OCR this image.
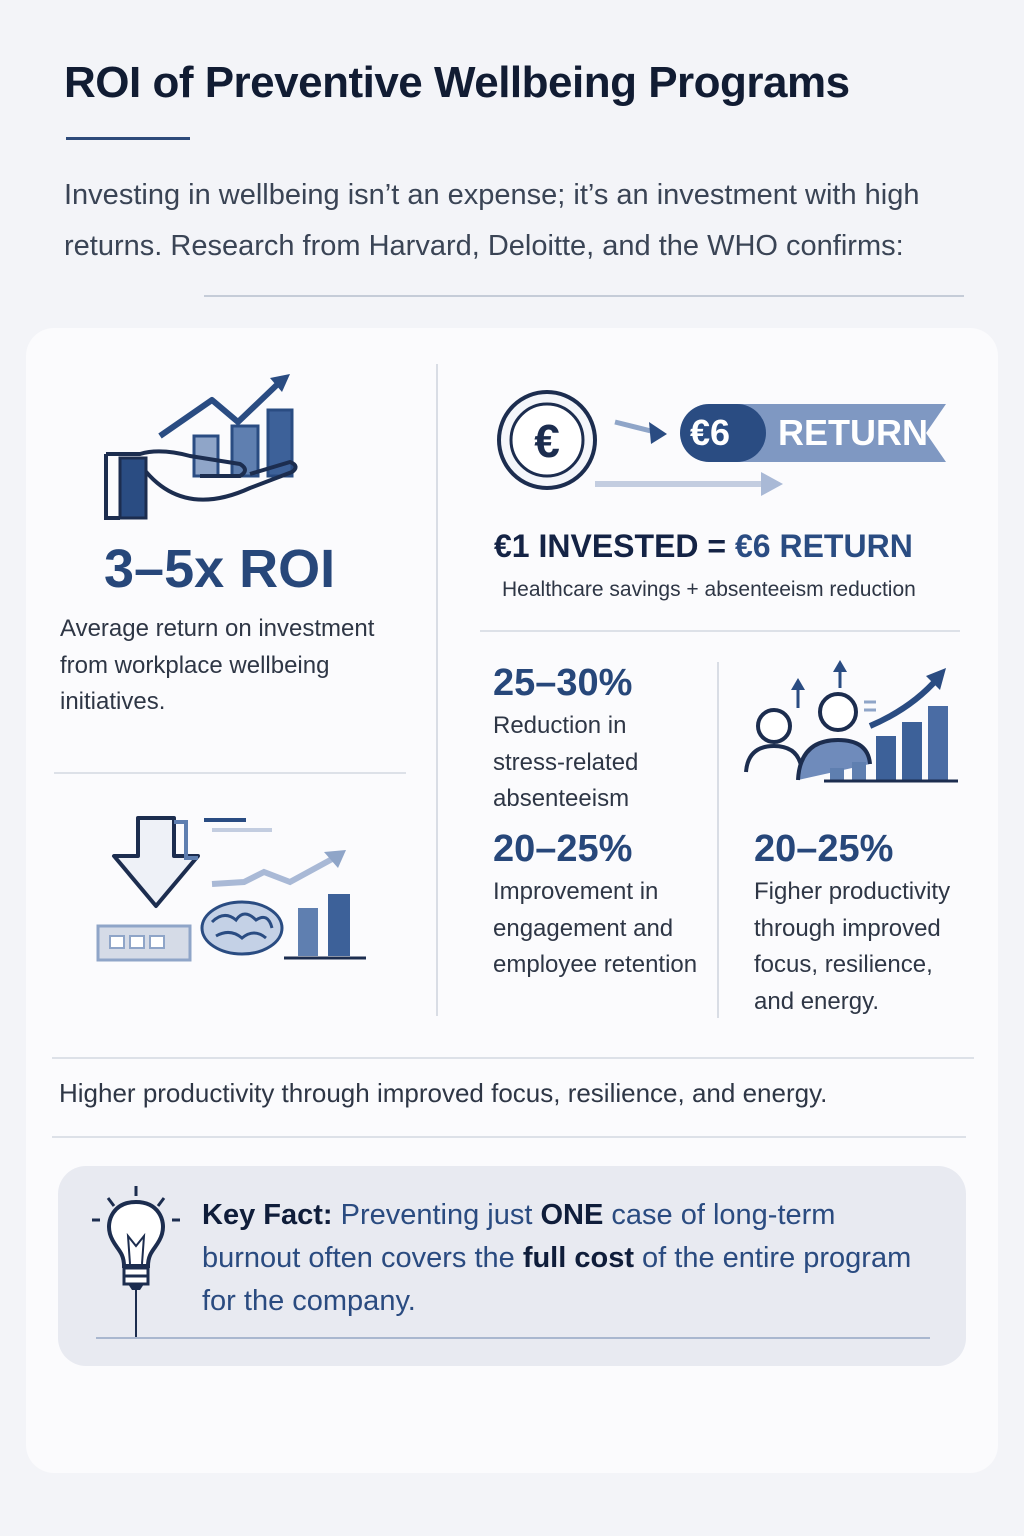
ROI of Preventive Wellbeing Programs

Investing in wellbeing isn’t an expense; it’s an investment with high returns. Research from Harvard, Deloitte, and the WHO confirms:

3–5x ROI
Average return on investment from workplace wellbeing initiatives.
€	€6 RETURN
€1 INVESTED = €6 RETURN
Healthcare savings + absenteeism reduction
25–30%
Reduction in stress-related absenteeism
20–25%
Improvement in engagement and employee retention
20–25%
Figher productivity through improved focus, resilience, and energy.
Higher productivity through improved focus, resilience, and energy.

Key Fact: Preventing just ONE case of long-term burnout often covers the full cost of the entire program for the company.
